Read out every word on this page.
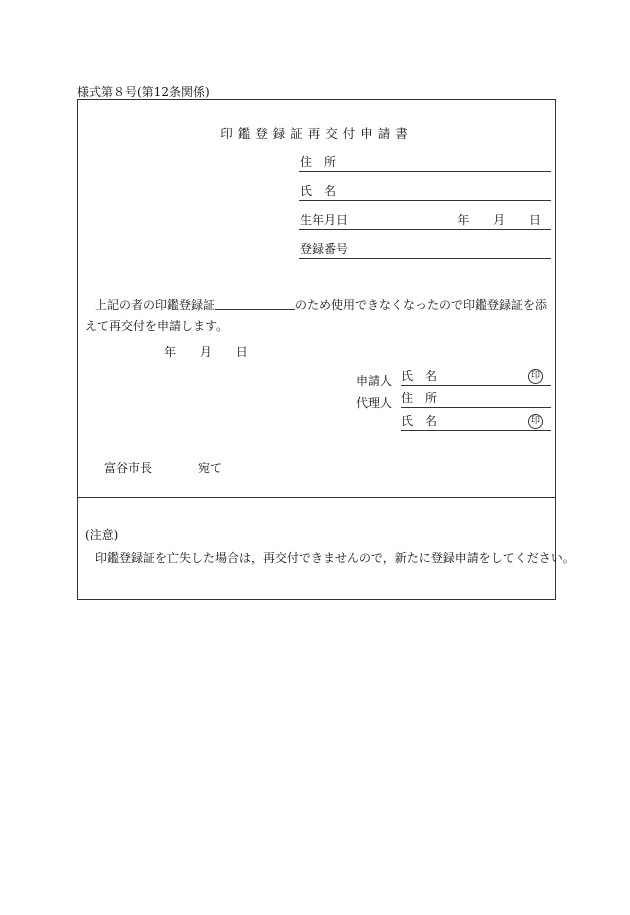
様式第８号(第12条関係)
印鑑登録証再交付申請書
住　所
氏　名
生年月日	年 月 日
登録番号
上記の者の印鑑登録証	のため使用できなくなったので印鑑登録証を添えて再交付を申請します。
年 月 日
申請人 氏　名	印
代理人 住　所
氏　名	印
富谷市長	宛て
(注意)
印鑑登録証を亡失した場合は，再交付できませんので，新たに登録申請をしてください。
